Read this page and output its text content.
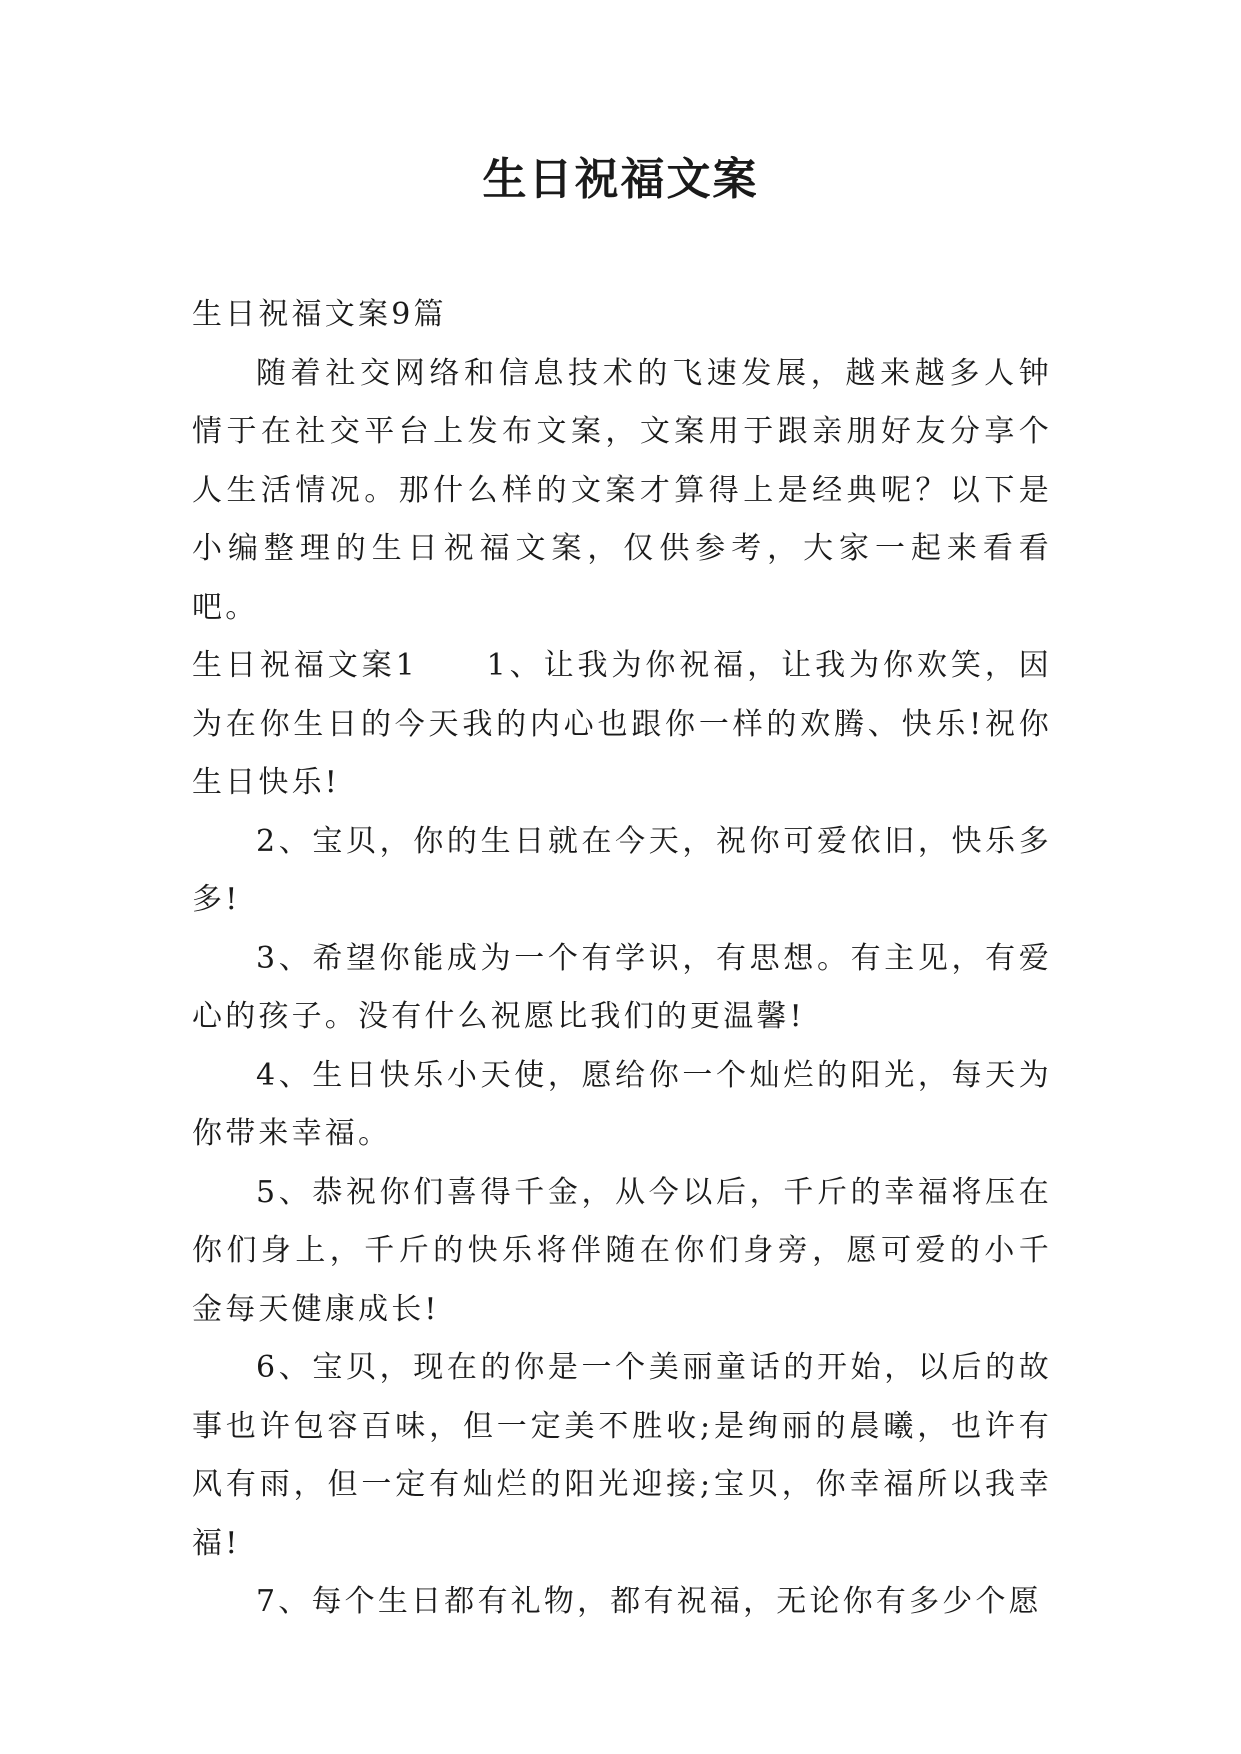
生日祝福文案

生日祝福文案9篇

随着社交网络和信息技术的飞速发展，越来越多人钟情于在社交平台上发布文案，文案用于跟亲朋好友分享个人生活情况。那什么样的文案才算得上是经典呢？以下是小编整理的生日祝福文案，仅供参考，大家一起来看看吧。

生日祝福文案1　　1、让我为你祝福，让我为你欢笑，因为在你生日的今天我的内心也跟你一样的欢腾、快乐!祝你生日快乐!

2、宝贝，你的生日就在今天，祝你可爱依旧，快乐多多!

3、希望你能成为一个有学识，有思想。有主见，有爱心的孩子。没有什么祝愿比我们的更温馨!

4、生日快乐小天使，愿给你一个灿烂的阳光，每天为你带来幸福。

5、恭祝你们喜得千金，从今以后，千斤的幸福将压在你们身上，千斤的快乐将伴随在你们身旁，愿可爱的小千金每天健康成长!

6、宝贝，现在的你是一个美丽童话的开始，以后的故事也许包容百味，但一定美不胜收;是绚丽的晨曦，也许有风有雨，但一定有灿烂的阳光迎接;宝贝，你幸福所以我幸福!

7、每个生日都有礼物，都有祝福，无论你有多少个愿
